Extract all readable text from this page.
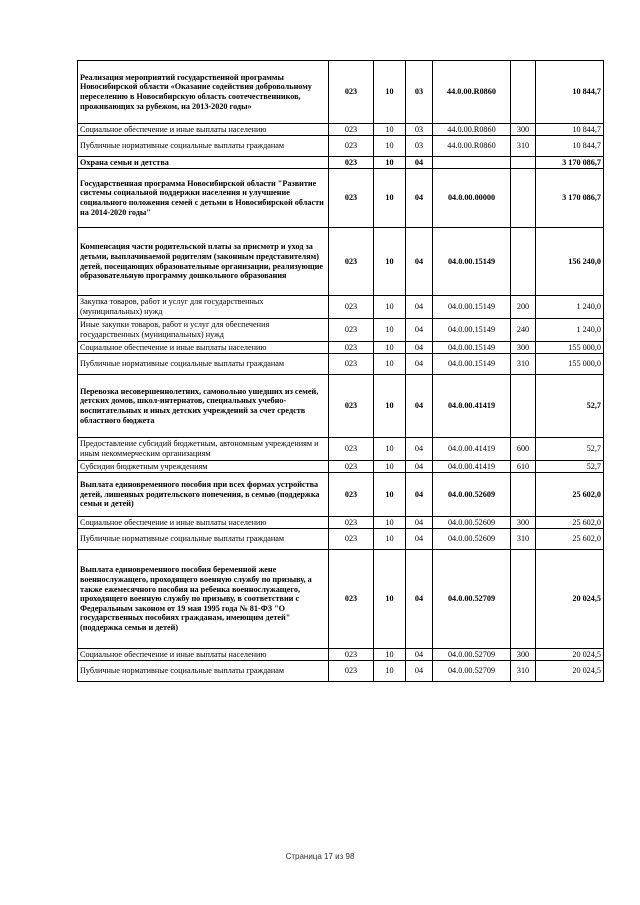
Реализация мероприятий государственной программы Новосибирской области «Оказание содействия добровольному переселению в Новосибирскую область соотечественников, проживающих за рубежом, на 2013-2020 годы»	023	10	03	44.0.00.R0860		10 844,7
Социальное обеспечение и иные выплаты населению	023	10	03	44.0.00.R0860	300	10 844,7
Публичные нормативные социальные выплаты гражданам	023	10	03	44.0.00.R0860	310	10 844,7
Охрана семьи и детства	023	10	04			3 170 086,7
Государственная программа Новосибирской области "Развитие системы социальной поддержки населения и улучшение социального положения семей с детьми в Новосибирской области на 2014-2020 годы"	023	10	04	04.0.00.00000		3 170 086,7
Компенсация части родительской платы за присмотр и уход за детьми, выплачиваемой родителям (законным представителям) детей, посещающих образовательные организации, реализующие образовательную программу дошкольного образования	023	10	04	04.0.00.15149		156 240,0
Закупка товаров, работ и услуг для государственных (муниципальных) нужд	023	10	04	04.0.00.15149	200	1 240,0
Иные закупки товаров, работ и услуг для обеспечения государственных (муниципальных) нужд	023	10	04	04.0.00.15149	240	1 240,0
Социальное обеспечение и иные выплаты населению	023	10	04	04.0.00.15149	300	155 000,0
Публичные нормативные социальные выплаты гражданам	023	10	04	04.0.00.15149	310	155 000,0
Перевозка несовершеннолетних, самовольно ушедших из семей, детских домов, школ-интернатов, специальных учебно-воспитательных и иных детских учреждений за счет средств областного бюджета	023	10	04	04.0.00.41419		52,7
Предоставление субсидий бюджетным, автономным учреждениям и иным некоммерческим организациям	023	10	04	04.0.00.41419	600	52,7
Субсидии бюджетным учреждениям	023	10	04	04.0.00.41419	610	52,7
Выплата единовременного пособия при всех формах устройства детей, лишенных родительского попечения, в семью (поддержка семьи и детей)	023	10	04	04.0.00.52609		25 602,0
Социальное обеспечение и иные выплаты населению	023	10	04	04.0.00.52609	300	25 602,0
Публичные нормативные социальные выплаты гражданам	023	10	04	04.0.00.52609	310	25 602,0
Выплата единовременного пособия беременной жене военнослужащего, проходящего военную службу по призыву, а также ежемесячного пособия на ребенка военнослужащего, проходящего военную службу по призыву, в соответствии с Федеральным законом от 19 мая 1995 года № 81-ФЗ "О государственных пособиях гражданам, имеющим детей" (поддержка семьи и детей)	023	10	04	04.0.00.52709		20 024,5
Социальное обеспечение и иные выплаты населению	023	10	04	04.0.00.52709	300	20 024,5
Публичные нормативные социальные выплаты гражданам	023	10	04	04.0.00.52709	310	20 024,5
Страница 17 из 98
